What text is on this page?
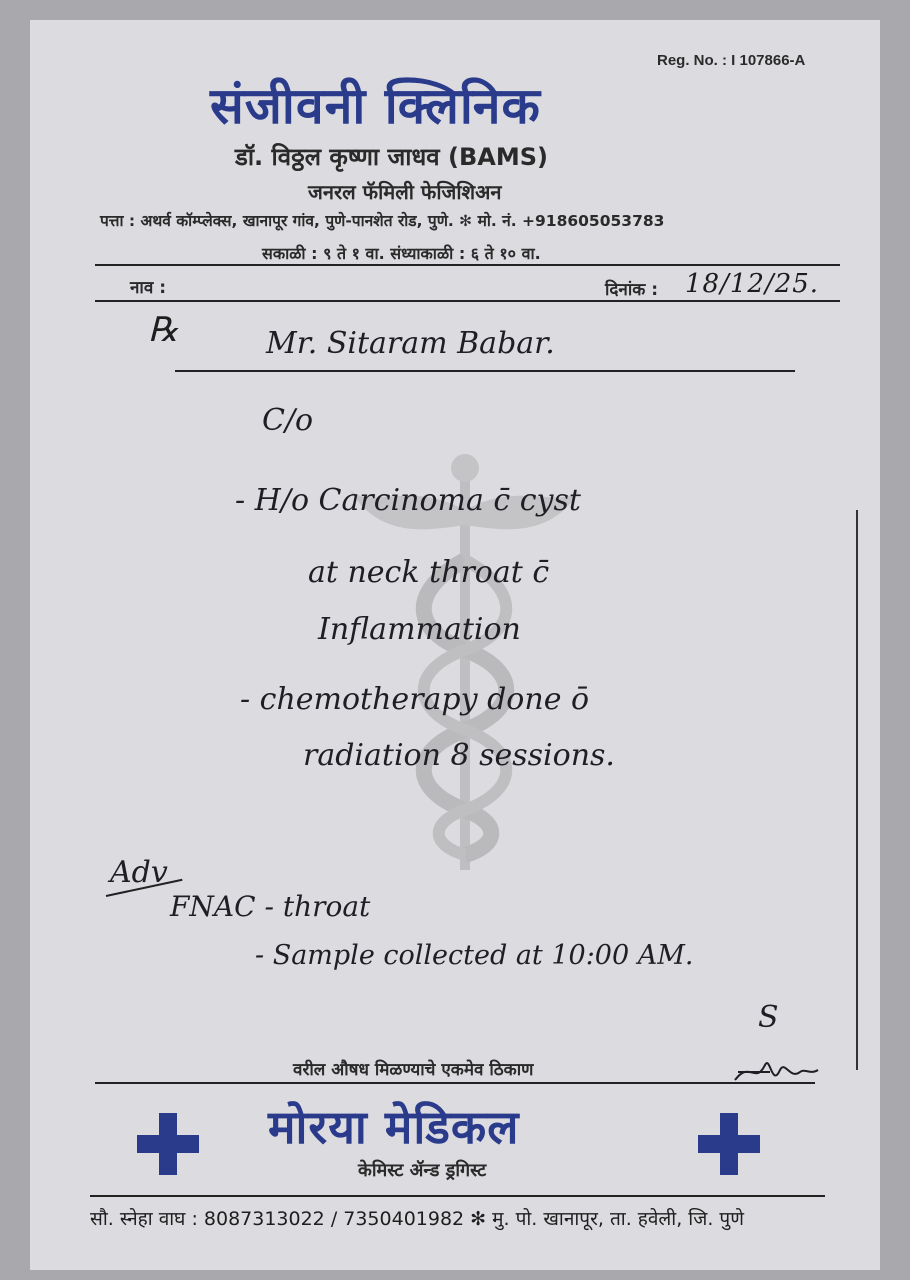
Reg. No. : I 107866-A
संजीवनी क्लिनिक
डॉ. विठ्ठल कृष्णा जाधव (BAMS)
जनरल फॅमिली फेजिशिअन
पत्ता : अथर्व कॉम्प्लेक्स, खानापूर गांव, पुणे-पानशेत रोड, पुणे. ✻ मो. नं. +918605053783
सकाळी : ९ ते १ वा. संध्याकाळी : ६ ते १० वा.
नाव :	दिनांक : 18/12/25.
℞	Mr. Sitaram Babar.
C/o
- H/o Carcinoma c̄ cyst
at neck throat c̄
Inflammation
- chemotherapy done ō
radiation 8 sessions.
Adv
FNAC - throat
- Sample collected at 10:00 AM.
S
वरील औषध मिळण्याचे एकमेव ठिकाण
मोरया मेडिकल
केमिस्ट ॲन्ड ड्रगिस्ट
सौ. स्नेहा वाघ : 8087313022 / 7350401982 ✻ मु. पो. खानापूर, ता. हवेली, जि. पुणे
